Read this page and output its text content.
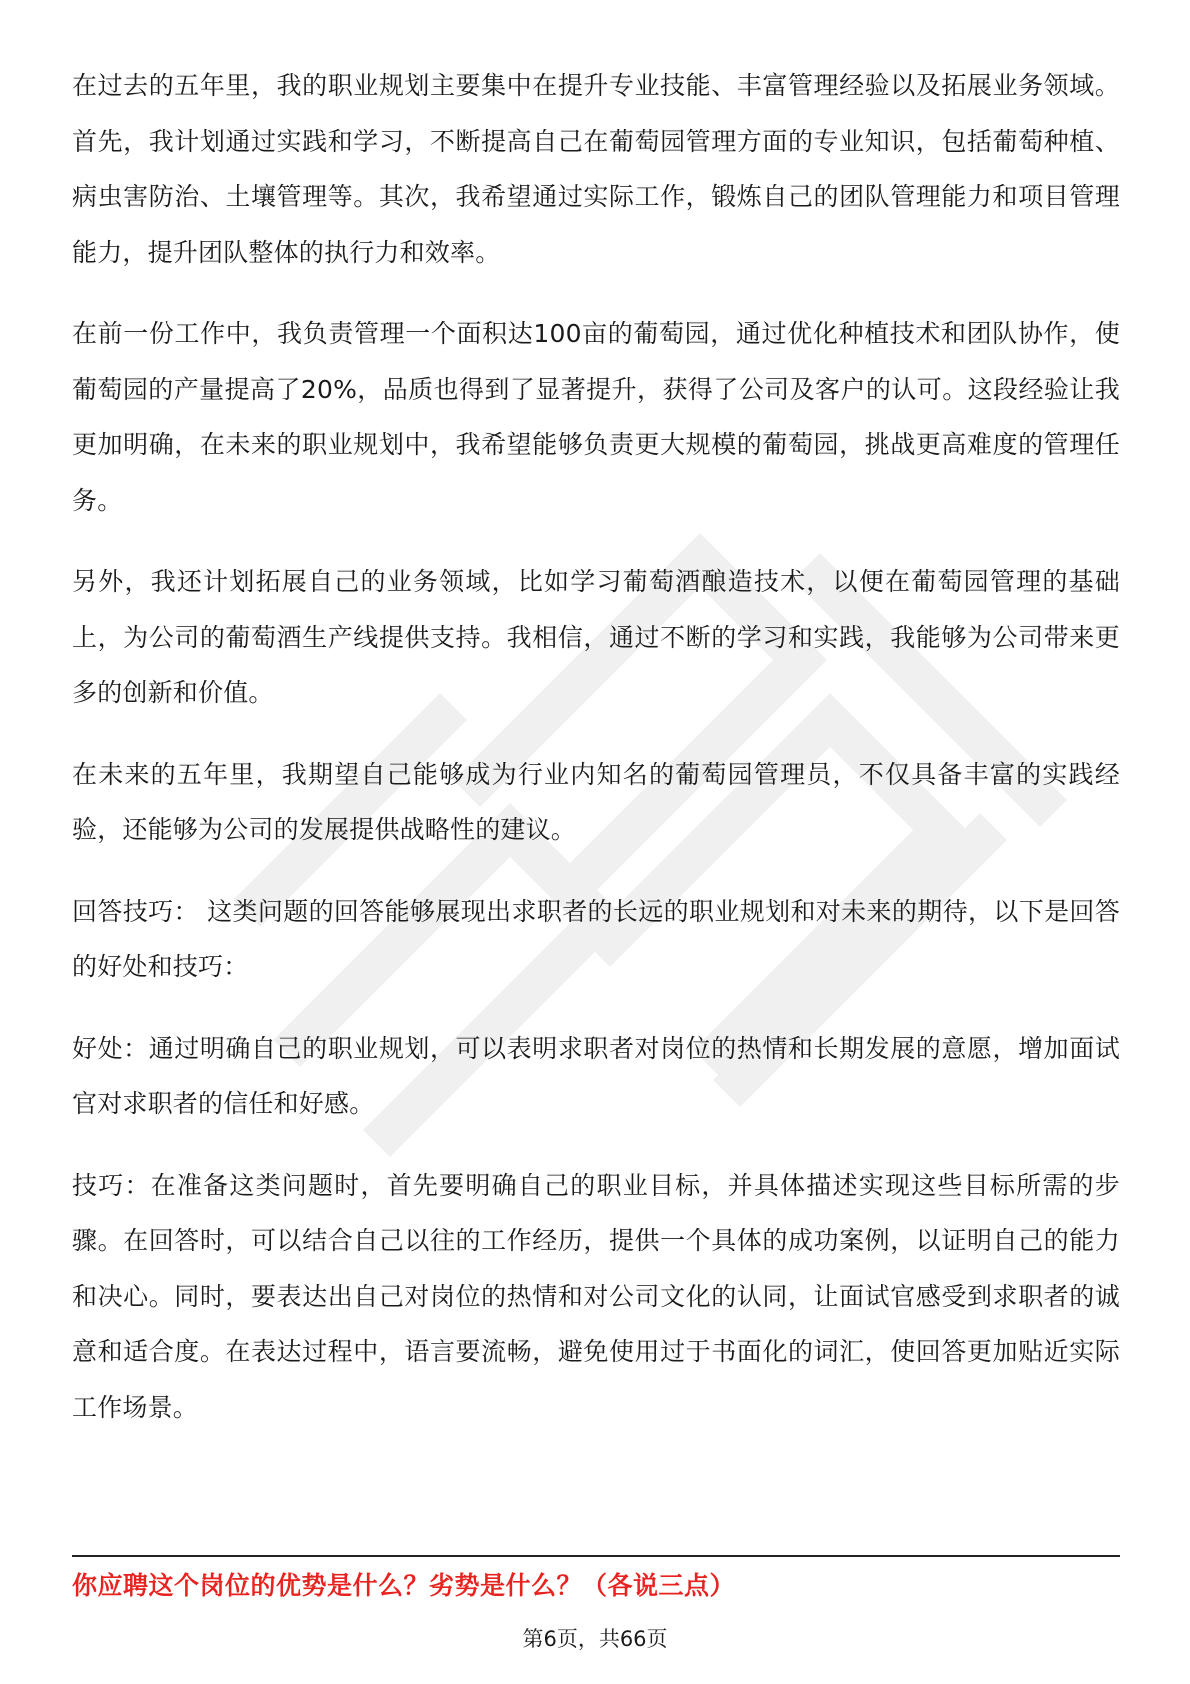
在过去的五年里，我的职业规划主要集中在提升专业技能、丰富管理经验以及拓展业务领域。首先，我计划通过实践和学习，不断提高自己在葡萄园管理方面的专业知识，包括葡萄种植、病虫害防治、土壤管理等。其次，我希望通过实际工作，锻炼自己的团队管理能力和项目管理能力，提升团队整体的执行力和效率。

在前一份工作中，我负责管理一个面积达100亩的葡萄园，通过优化种植技术和团队协作，使葡萄园的产量提高了20%，品质也得到了显著提升，获得了公司及客户的认可。这段经验让我更加明确，在未来的职业规划中，我希望能够负责更大规模的葡萄园，挑战更高难度的管理任务。

另外，我还计划拓展自己的业务领域，比如学习葡萄酒酿造技术，以便在葡萄园管理的基础上，为公司的葡萄酒生产线提供支持。我相信，通过不断的学习和实践，我能够为公司带来更多的创新和价值。

在未来的五年里，我期望自己能够成为行业内知名的葡萄园管理员，不仅具备丰富的实践经验，还能够为公司的发展提供战略性的建议。

回答技巧： 这类问题的回答能够展现出求职者的长远的职业规划和对未来的期待，以下是回答的好处和技巧：

好处：通过明确自己的职业规划，可以表明求职者对岗位的热情和长期发展的意愿，增加面试官对求职者的信任和好感。

技巧：在准备这类问题时，首先要明确自己的职业目标，并具体描述实现这些目标所需的步骤。在回答时，可以结合自己以往的工作经历，提供一个具体的成功案例，以证明自己的能力和决心。同时，要表达出自己对岗位的热情和对公司文化的认同，让面试官感受到求职者的诚意和适合度。在表达过程中，语言要流畅，避免使用过于书面化的词汇，使回答更加贴近实际工作场景。

你应聘这个岗位的优势是什么？劣势是什么？（各说三点）
第6页，共66页
